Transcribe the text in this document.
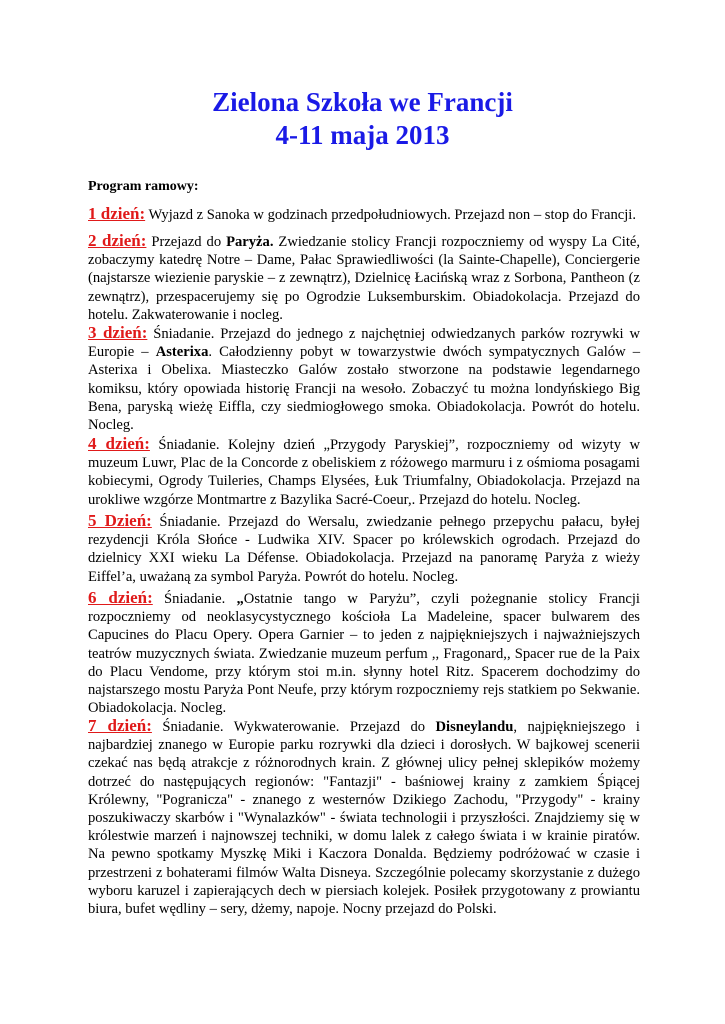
Zielona Szkoła we Francji
4-11 maja 2013
Program ramowy:
1 dzień: Wyjazd z Sanoka w godzinach przedpołudniowych. Przejazd non – stop do Francji.
2 dzień: Przejazd do Paryża. Zwiedzanie stolicy Francji rozpoczniemy od wyspy La Cité, zobaczymy katedrę Notre – Dame, Pałac Sprawiedliwości (la Sainte-Chapelle), Conciergerie (najstarsze wiezienie paryskie – z zewnątrz), Dzielnicę Łacińską wraz z Sorbona, Pantheon (z zewnątrz), przespacerujemy się po Ogrodzie Luksemburskim. Obiadokolacja. Przejazd do hotelu. Zakwaterowanie i nocleg.
3 dzień: Śniadanie. Przejazd do jednego z najchętniej odwiedzanych parków rozrywki w Europie – Asterixa. Całodzienny pobyt w towarzystwie dwóch sympatycznych Galów – Asterixa i Obelixa. Miasteczko Galów zostało stworzone na podstawie legendarnego komiksu, który opowiada historię Francji na wesoło. Zobaczyć tu można londyńskiego Big Bena, paryską wieżę Eiffla, czy siedmiogłowego smoka. Obiadokolacja. Powrót do hotelu. Nocleg.
4 dzień: Śniadanie. Kolejny dzień „Przygody Paryskiej”, rozpoczniemy od wizyty w muzeum Luwr, Plac de la Concorde z obeliskiem z różowego marmuru i z ośmioma posagami kobiecymi, Ogrody Tuileries, Champs Elysées, Łuk Triumfalny, Obiadokolacja. Przejazd na urokliwe wzgórze Montmartre z Bazylika Sacré-Coeur,. Przejazd do hotelu. Nocleg.
5 Dzień: Śniadanie. Przejazd do Wersalu, zwiedzanie pełnego przepychu pałacu, byłej rezydencji Króla Słońce - Ludwika XIV. Spacer po królewskich ogrodach. Przejazd do dzielnicy XXI wieku La Défense. Obiadokolacja. Przejazd na panoramę Paryża z wieży Eiffel’a, uważaną za symbol Paryża. Powrót do hotelu. Nocleg.
6 dzień: Śniadanie. „Ostatnie tango w Paryżu”, czyli pożegnanie stolicy Francji rozpoczniemy od neoklasycystycznego kościoła La Madeleine, spacer bulwarem des Capucines do Placu Opery. Opera Garnier – to jeden z najpiękniejszych i najważniejszych teatrów muzycznych świata. Zwiedzanie muzeum perfum ,, Fragonard,, Spacer rue de la Paix do Placu Vendome, przy którym stoi m.in. słynny hotel Ritz. Spacerem dochodzimy do najstarszego mostu Paryża Pont Neufe, przy którym rozpoczniemy rejs statkiem po Sekwanie. Obiadokolacja. Nocleg.
7 dzień: Śniadanie. Wykwaterowanie. Przejazd do Disneylandu, najpiękniejszego i najbardziej znanego w Europie parku rozrywki dla dzieci i dorosłych. W bajkowej scenerii czekać nas będą atrakcje z różnorodnych krain. Z głównej ulicy pełnej sklepików możemy dotrzeć do następujących regionów: "Fantazji" - baśniowej krainy z zamkiem Śpiącej Królewny, "Pogranicza" - znanego z westernów Dzikiego Zachodu, "Przygody" - krainy poszukiwaczy skarbów i "Wynalazków" - świata technologii i przyszłości. Znajdziemy się w królestwie marzeń i najnowszej techniki, w domu lalek z całego świata i w krainie piratów. Na pewno spotkamy Myszkę Miki i Kaczora Donalda. Będziemy podróżować w czasie i przestrzeni z bohaterami filmów Walta Disneya. Szczególnie polecamy skorzystanie z dużego wyboru karuzel i zapierających dech w piersiach kolejek. Posiłek przygotowany z prowiantu biura, bufet wędliny – sery, dżemy, napoje. Nocny przejazd do Polski.
